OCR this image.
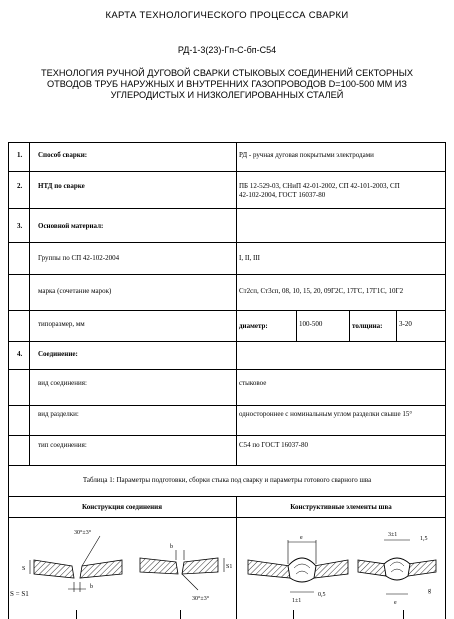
КАРТА ТЕХНОЛОГИЧЕСКОГО ПРОЦЕССА СВАРКИ
РД-1-3(23)-Гп-С-бп-С54
ТЕХНОЛОГИЯ РУЧНОЙ ДУГОВОЙ СВАРКИ СТЫКОВЫХ СОЕДИНЕНИЙ СЕКТОРНЫХ
ОТВОДОВ ТРУБ НАРУЖНЫХ И ВНУТРЕННИХ ГАЗОПРОВОДОВ D=100-500 ММ ИЗ
УГЛЕРОДИСТЫХ И НИЗКОЛЕГИРОВАННЫХ СТАЛЕЙ
1. Способ сварки:	РД - ручная дуговая покрытыми электродами
2. НТД по сварке	ПБ 12-529-03, СНиП 42-01-2002, СП 42-101-2003, СП
42-102-2004, ГОСТ 16037-80
3. Основной материал:
Группы по СП 42-102-2004	I, II, III
марка (сочетание марок)	Ст2сп, Ст3сп, 08, 10, 15, 20, 09Г2С, 17ГС, 17Г1С, 10Г2
типоразмер, мм	диаметр:	100-500	толщина: 3-20
4. Соединение:
вид соединения:	стыковое
вид разделки:	одностороннее с номинальным углом разделки свыше 15°
тип соединения:	С54 по ГОСТ 16037-80
Таблица 1: Параметры подготовки, сборки стыка под сварку и параметры готового сварного шва
Конструкция соединения	Конструктивные элементы шва
S = S1
30°±3°
S
b
b
S1
30°±3°
e
1±1
0,5
3±1
1,5
e
g
